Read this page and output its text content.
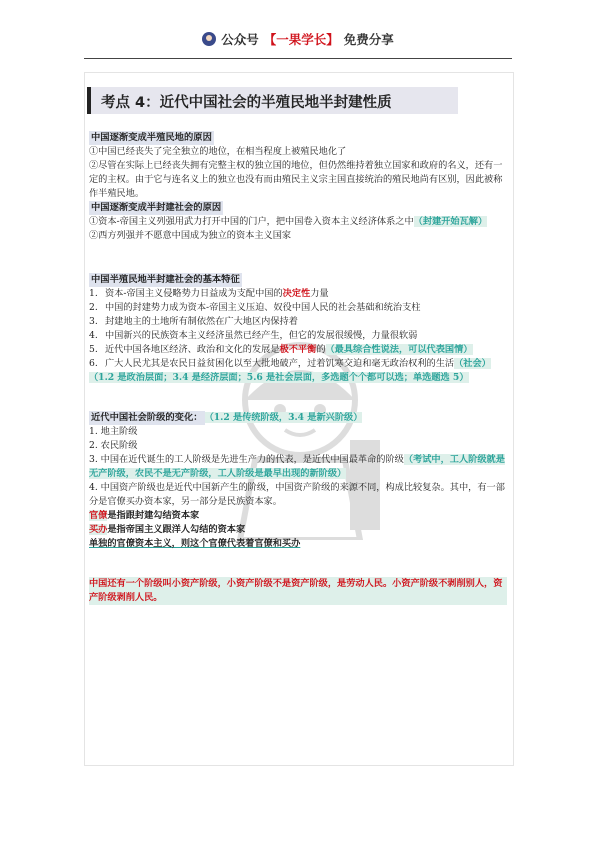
公众号 【一果学长】 免费分享
考点 4：近代中国社会的半殖民地半封建性质
中国逐渐变成半殖民地的原因

①中国已经丧失了完全独立的地位，在相当程度上被殖民地化了

②尽管在实际上已经丧失拥有完整主权的独立国的地位，但仍然维持着独立国家和政府的名义，还有一定的主权。由于它与连名义上的独立也没有而由殖民主义宗主国直接统治的殖民地尚有区别，因此被称作半殖民地。

中国逐渐变成半封建社会的原因

①资本-帝国主义列强用武力打开中国的门户，把中国卷入资本主义经济体系之中（封建开始瓦解）

②西方列强并不愿意中国成为独立的资本主义国家

中国半殖民地半封建社会的基本特征
1. 资本-帝国主义侵略势力日益成为支配中国的决定性力量
2. 中国的封建势力成为资本-帝国主义压迫、奴役中国人民的社会基础和统治支柱
3. 封建地主的土地所有制依然在广大地区内保持着
4. 中国新兴的民族资本主义经济虽然已经产生，但它的发展很缓慢，力量很软弱
5. 近代中国各地区经济、政治和文化的发展是极不平衡的（最具综合性说法，可以代表国情）
6. 广大人民尤其是农民日益贫困化以至大批地破产，过着饥寒交迫和毫无政治权利的生活（社会）

（1.2 是政治层面；3.4 是经济层面；5.6 是社会层面，多选题个个都可以选；单选题选 5）

近代中国社会阶级的变化： （1.2 是传统阶级，3.4 是新兴阶级）

1. 地主阶级

2. 农民阶级

3. 中国在近代诞生的工人阶级是先进生产力的代表，是近代中国最革命的阶级（考试中，工人阶级就是无产阶级，农民不是无产阶级，工人阶级是最早出现的新阶级）

4. 中国资产阶级也是近代中国新产生的阶级，中国资产阶级的来源不同，构成比较复杂。其中，有一部分是官僚买办资本家，另一部分是民族资本家。

官僚是指跟封建勾结资本家

买办是指帝国主义跟洋人勾结的资本家

单独的官僚资本主义，则这个官僚代表着官僚和买办

中国还有一个阶级叫小资产阶级，小资产阶级不是资产阶级，是劳动人民。小资产阶级不剥削别人，资产阶级剥削人民。
